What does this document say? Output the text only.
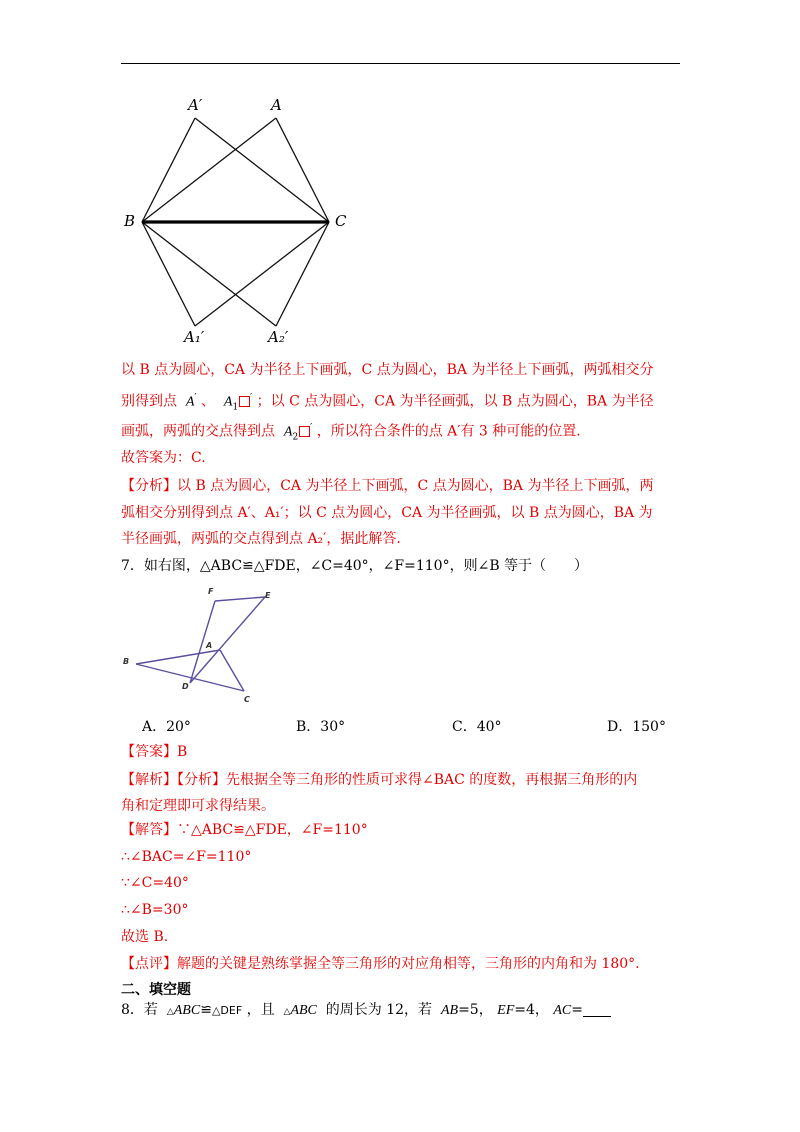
A′	A
B	C
A₁′	A₂′
以 B 点为圆心，CA 为半径上下画弧，C 点为圆心，BA 为半径上下画弧，两弧相交分
别得到点 A′ 、 $A_1'$ ；以 C 点为圆心，CA 为半径画弧，以 B 点为圆心，BA 为半径
画弧，两弧的交点得到点 $A_2'$ ，所以符合条件的点 A′有 3 种可能的位置.
故答案为：C.
【分析】以 B 点为圆心，CA 为半径上下画弧，C 点为圆心，BA 为半径上下画弧，两
弧相交分别得到点 A′、A₁′；以 C 点为圆心，CA 为半径画弧，以 B 点为圆心，BA 为
半径画弧，两弧的交点得到点 A₂′，据此解答.
7．如右图，△ABC≌△FDE，∠C=40°，∠F=110°，则∠B 等于（　　）
F	E
A
B
D
C
A．20°	B．30°	C．40°	D．150°
【答案】B
【解析】【分析】先根据全等三角形的性质可求得∠BAC 的度数，再根据三角形的内
角和定理即可求得结果。
【解答】∵△ABC≌△FDE，∠F=110°
∴∠BAC=∠F=110°
∵∠C=40°
∴∠B=30°
故选 B.
【点评】解题的关键是熟练掌握全等三角形的对应角相等，三角形的内角和为 180°.
二、填空题
8．若 △ABC≌△DEF ，且 △ABC 的周长为 12，若 AB=5， EF=4， AC=
